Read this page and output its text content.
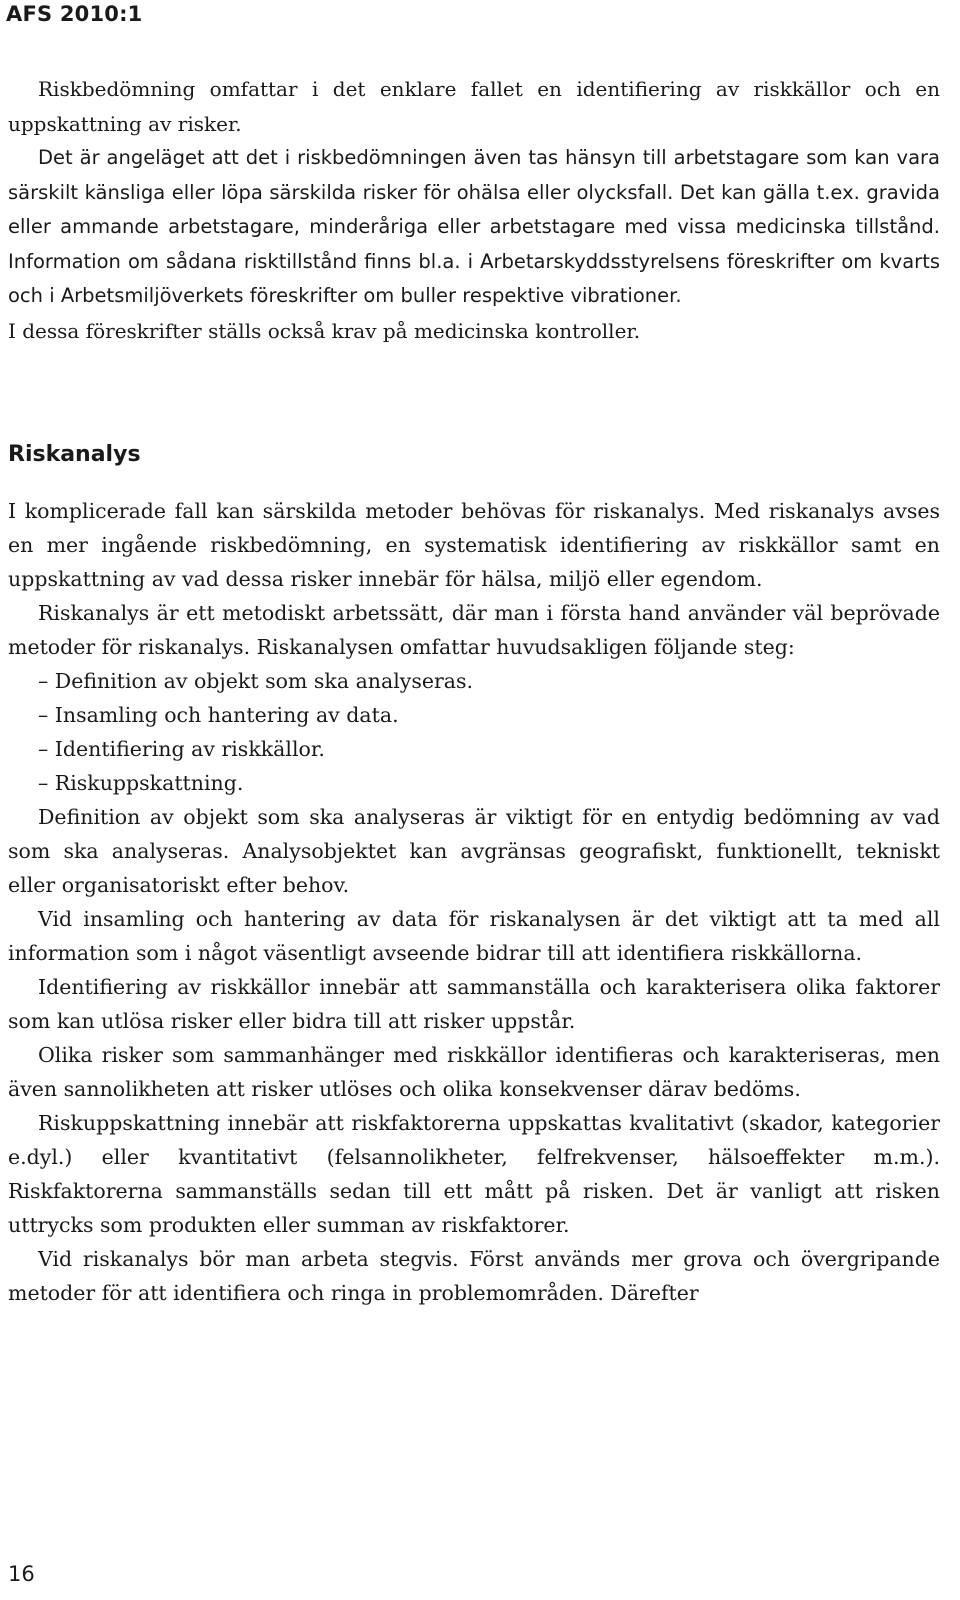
AFS 2010:1

Riskbedömning omfattar i det enklare fallet en identifiering av riskkällor och en uppskattning av risker.

Det är angeläget att det i riskbedömningen även tas hänsyn till arbetstagare som kan vara särskilt känsliga eller löpa särskilda risker för ohälsa eller olycksfall. Det kan gälla t.ex. gravida eller ammande arbetstagare, minderåriga eller arbetstagare med vissa medicinska tillstånd. Information om sådana risktillstånd finns bl.a. i Arbetarskyddsstyrelsens föreskrifter om kvarts och i Arbetsmiljöverkets föreskrifter om buller respektive vibrationer.

I dessa föreskrifter ställs också krav på medicinska kontroller.

Riskanalys

I komplicerade fall kan särskilda metoder behövas för riskanalys. Med riskanalys avses en mer ingående riskbedömning, en systematisk identifiering av riskkällor samt en uppskattning av vad dessa risker innebär för hälsa, miljö eller egendom.

Riskanalys är ett metodiskt arbetssätt, där man i första hand använder väl beprövade metoder för riskanalys. Riskanalysen omfattar huvudsakligen följande steg:

– Definition av objekt som ska analyseras.
– Insamling och hantering av data.
– Identifiering av riskkällor.
– Riskuppskattning.

Definition av objekt som ska analyseras är viktigt för en entydig bedömning av vad som ska analyseras. Analysobjektet kan avgränsas geografiskt, funktionellt, tekniskt eller organisatoriskt efter behov.

Vid insamling och hantering av data för riskanalysen är det viktigt att ta med all information som i något väsentligt avseende bidrar till att identifiera riskkällorna.

Identifiering av riskkällor innebär att sammanställa och karakterisera olika faktorer som kan utlösa risker eller bidra till att risker uppstår.

Olika risker som sammanhänger med riskkällor identifieras och karakteriseras, men även sannolikheten att risker utlöses och olika konsekvenser därav bedöms.

Riskuppskattning innebär att riskfaktorerna uppskattas kvalitativt (skador, kategorier e.dyl.) eller kvantitativt (felsannolikheter, felfrekvenser, hälsoeffekter m.m.). Riskfaktorerna sammanställs sedan till ett mått på risken. Det är vanligt att risken uttrycks som produkten eller summan av riskfaktorer.

Vid riskanalys bör man arbeta stegvis. Först används mer grova och övergripande metoder för att identifiera och ringa in problemområden. Därefter

16
